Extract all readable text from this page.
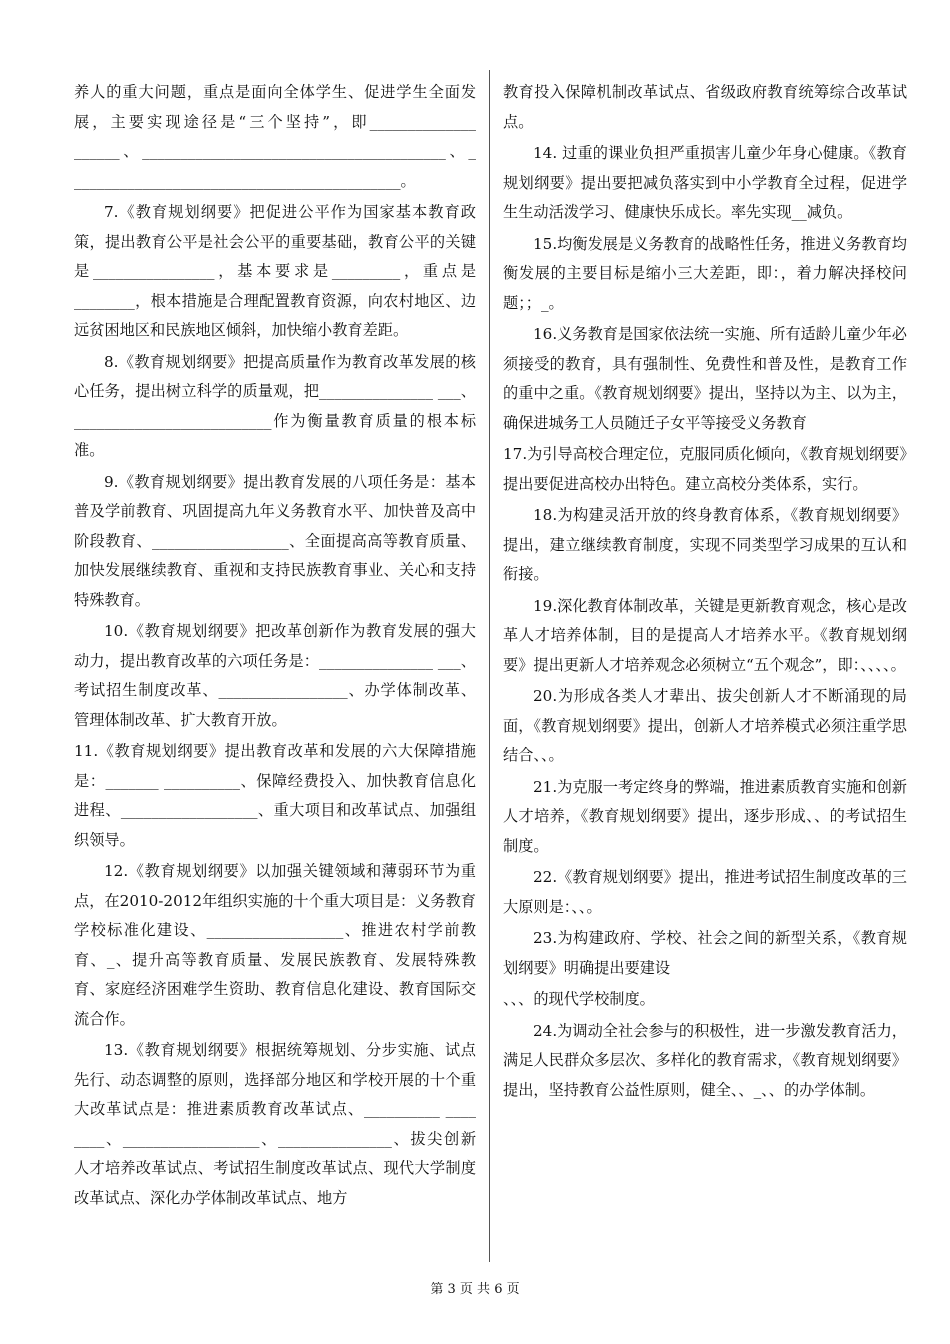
养人的重大问题，重点是面向全体学生、促进学生全面发展，主要实现途径是“三个坚持”，即______________ ______、________________________________________、_ ___________________________________________。

7.《教育规划纲要》把促进公平作为国家基本教育政策，提出教育公平是社会公平的重要基础，教育公平的关键是________________，基本要求是_________，重点是________，根本措施是合理配置教育资源，向农村地区、边远贫困地区和民族地区倾斜，加快缩小教育差距。

8.《教育规划纲要》把提高质量作为教育改革发展的核心任务，提出树立科学的质量观，把_______________ ___、__________________________作为衡量教育质量的根本标准。

9.《教育规划纲要》提出教育发展的八项任务是：基本普及学前教育、巩固提高九年义务教育水平、加快普及高中阶段教育、__________________、全面提高高等教育质量、加快发展继续教育、重视和支持民族教育事业、关心和支持特殊教育。

10.《教育规划纲要》把改革创新作为教育发展的强大动力，提出教育改革的六项任务是：_______________ ___、考试招生制度改革、_________________、办学体制改革、管理体制改革、扩大教育开放。

11.《教育规划纲要》提出教育改革和发展的六大保障措施是：_______ __________、保障经费投入、加快教育信息化进程、__________________、重大项目和改革试点、加强组织领导。

12.《教育规划纲要》以加强关键领域和薄弱环节为重点，在2010-2012年组织实施的十个重大项目是：义务教育学校标准化建设、__________________、推进农村学前教育、_、提升高等教育质量、发展民族教育、发展特殊教育、家庭经济困难学生资助、教育信息化建设、教育国际交流合作。

13.《教育规划纲要》根据统筹规划、分步实施、试点先行、动态调整的原则，选择部分地区和学校开展的十个重大改革试点是：推进素质教育改革试点、__________ ____ ____、__________________、_______________、拔尖创新人才培养改革试点、考试招生制度改革试点、现代大学制度改革试点、深化办学体制改革试点、地方

教育投入保障机制改革试点、省级政府教育统筹综合改革试点。

14. 过重的课业负担严重损害儿童少年身心健康。《教育规划纲要》提出要把减负落实到中小学教育全过程，促进学生生动活泼学习、健康快乐成长。率先实现__减负。

15.均衡发展是义务教育的战略性任务，推进义务教育均衡发展的主要目标是缩小三大差距，即：，着力解决择校问题；；_。

16.义务教育是国家依法统一实施、所有适龄儿童少年必须接受的教育，具有强制性、免费性和普及性，是教育工作的重中之重。《教育规划纲要》提出，坚持以为主、以为主，确保进城务工人员随迁子女平等接受义务教育

17.为引导高校合理定位，克服同质化倾向，《教育规划纲要》提出要促进高校办出特色。建立高校分类体系，实行。

18.为构建灵活开放的终身教育体系，《教育规划纲要》提出，建立继续教育制度，实现不同类型学习成果的互认和衔接。

19.深化教育体制改革，关键是更新教育观念，核心是改革人才培养体制，目的是提高人才培养水平。《教育规划纲要》提出更新人才培养观念必须树立“五个观念”，即：、、、、。

20.为形成各类人才辈出、拔尖创新人才不断涌现的局面，《教育规划纲要》提出，创新人才培养模式必须注重学思结合、、。

21.为克服一考定终身的弊端，推进素质教育实施和创新人才培养，《教育规划纲要》提出，逐步形成、、的考试招生制度。

22.《教育规划纲要》提出，推进考试招生制度改革的三大原则是：、、。

23.为构建政府、学校、社会之间的新型关系，《教育规划纲要》明确提出要建设

、、、的现代学校制度。

24.为调动全社会参与的积极性，进一步激发教育活力，满足人民群众多层次、多样化的教育需求，《教育规划纲要》提出，坚持教育公益性原则，健全、、_、、的办学体制。

第 3 页 共 6 页
